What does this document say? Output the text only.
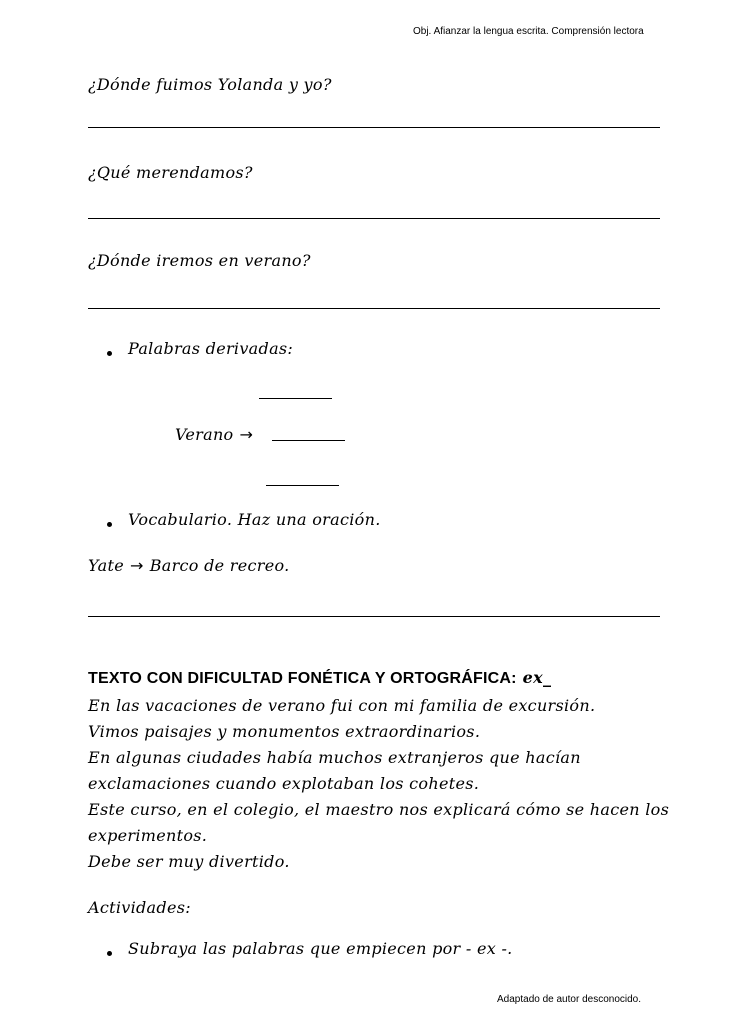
Obj. Afianzar la lengua escrita. Comprensión lectora
¿Dónde fuimos Yolanda y yo?
¿Qué merendamos?
¿Dónde iremos en verano?
Palabras derivadas:
Verano →
Vocabulario. Haz una oración.
Yate → Barco de recreo.
TEXTO CON DIFICULTAD FONÉTICA Y ORTOGRÁFICA: ex_
En las vacaciones de verano fui con mi familia de excursión.
Vimos paisajes y monumentos extraordinarios.
En algunas ciudades había muchos extranjeros que hacían
exclamaciones cuando explotaban los cohetes.
Este curso, en el colegio, el maestro nos explicará cómo se hacen los
experimentos.
Debe ser muy divertido.
Actividades:
Subraya las palabras que empiecen por - ex -.
Adaptado de autor desconocido.
